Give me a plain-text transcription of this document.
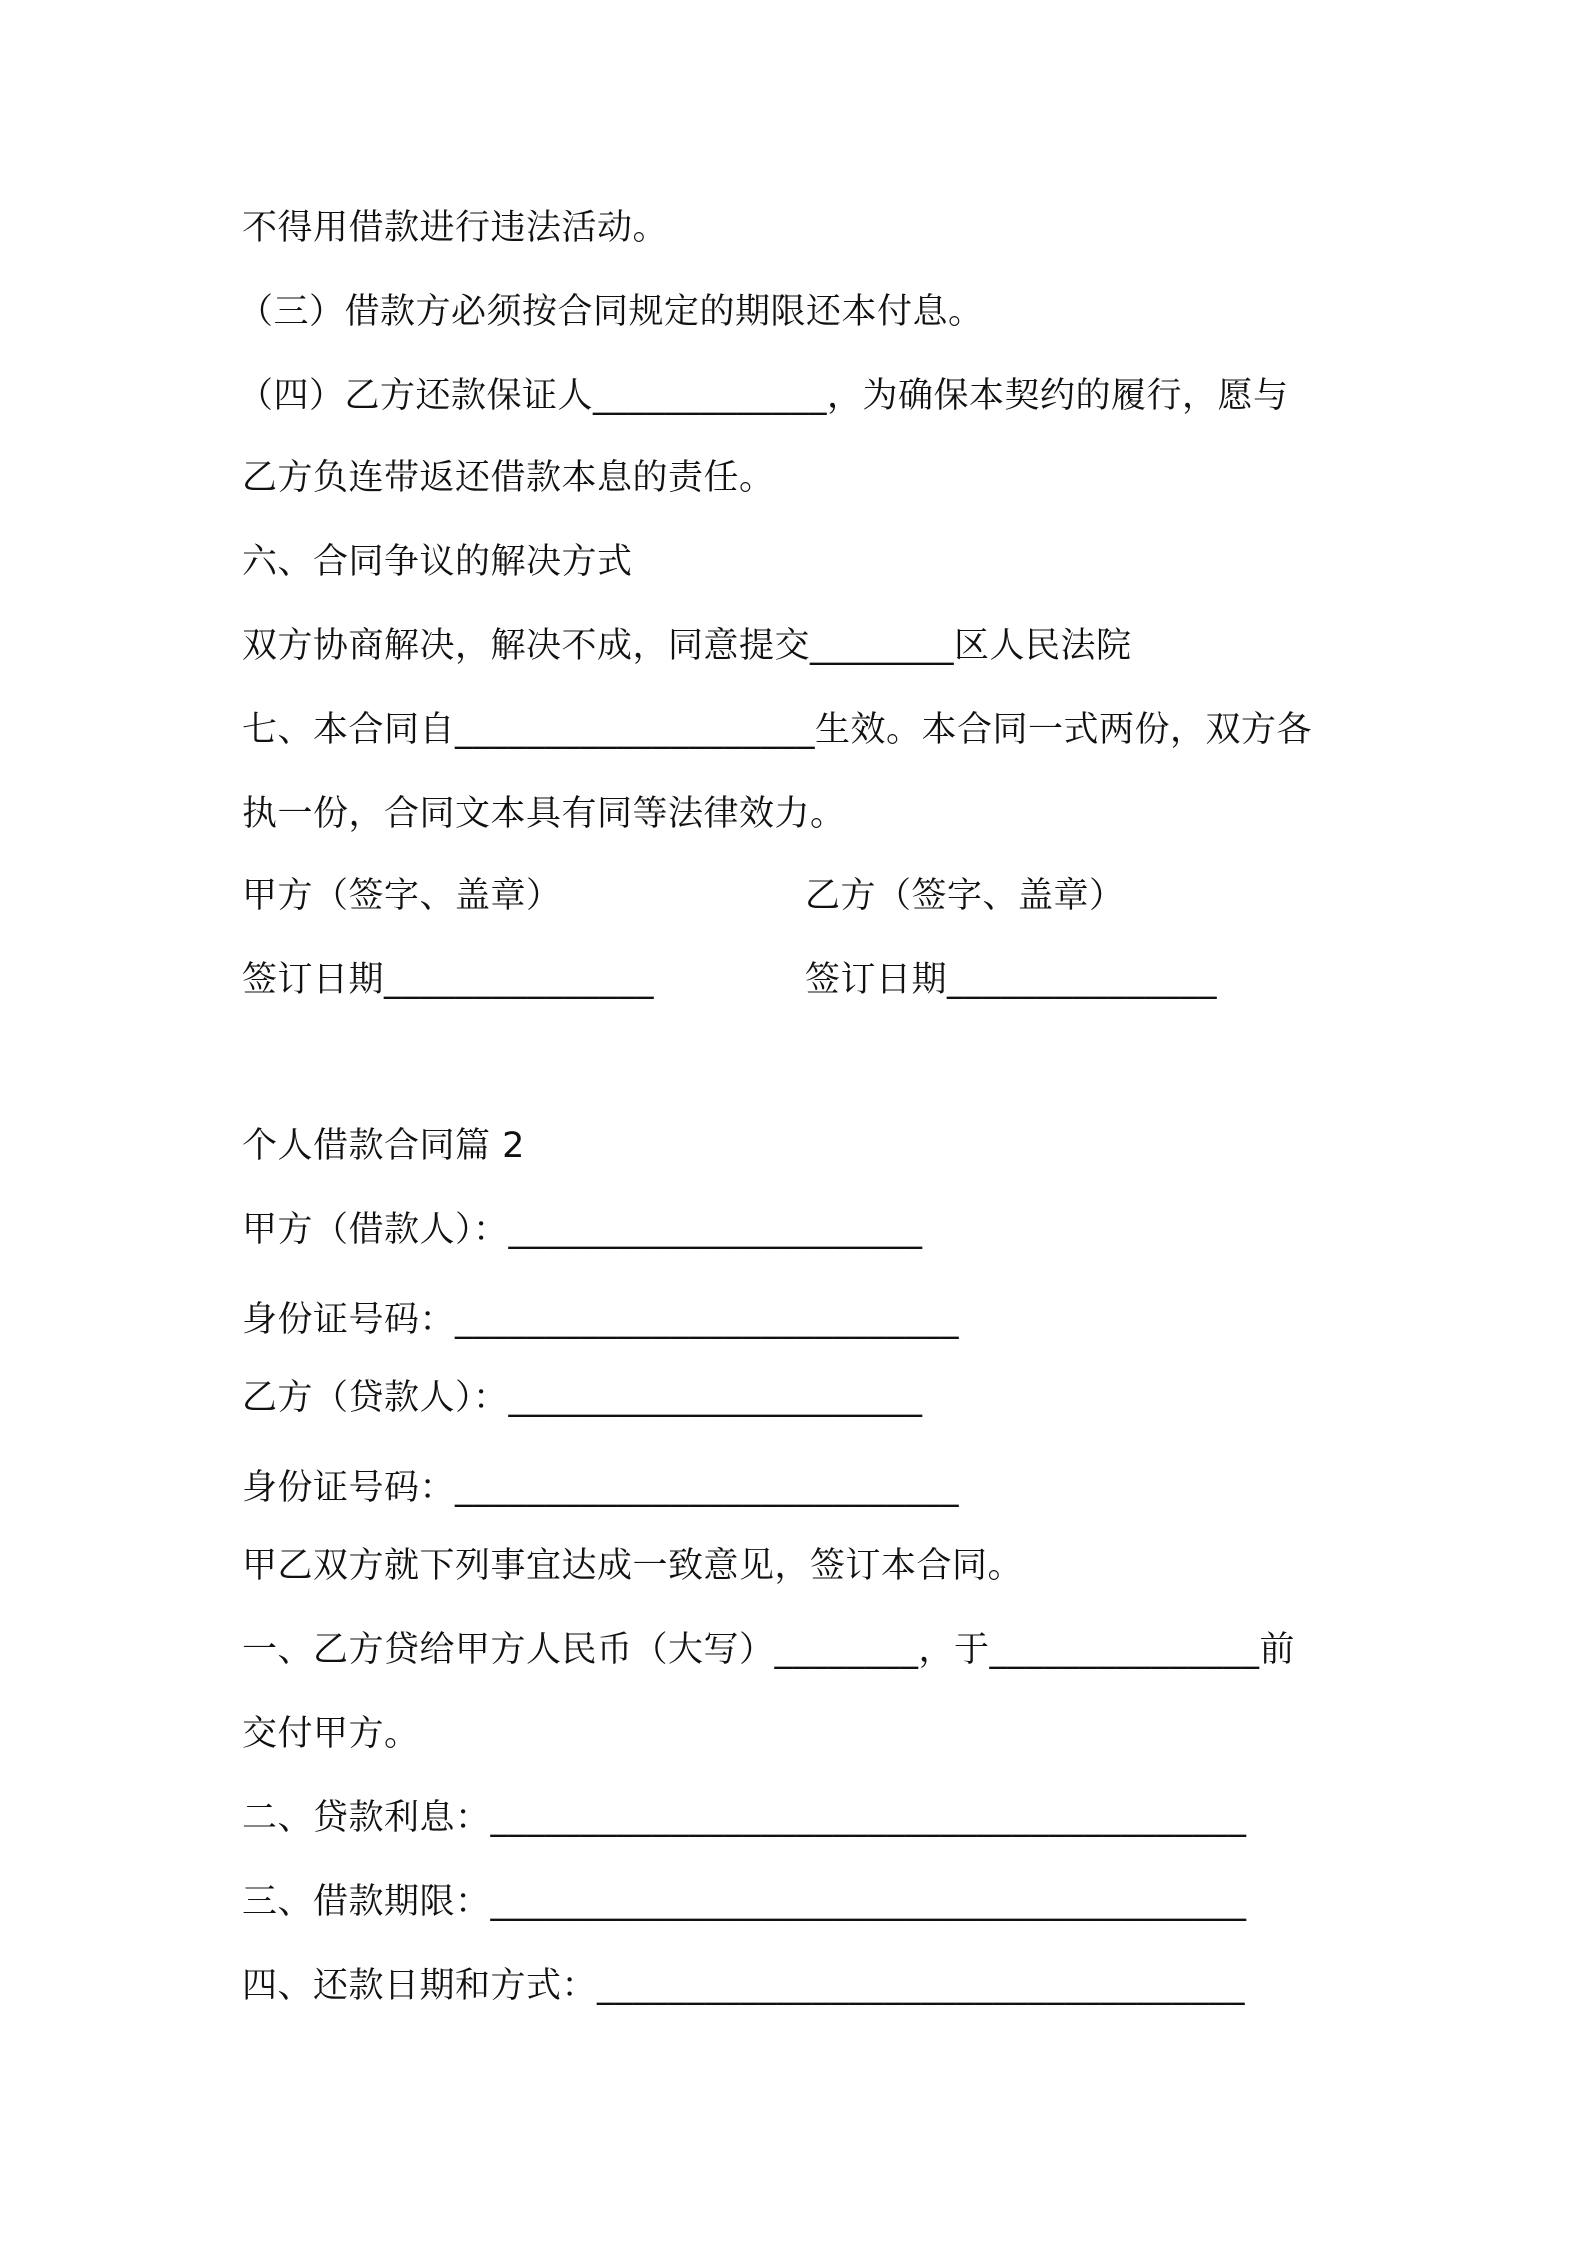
不得用借款进行违法活动。
（三）借款方必须按合同规定的期限还本付息。
（四）乙方还款保证人_____________，为确保本契约的履行，愿与
乙方负连带返还借款本息的责任。
六、合同争议的解决方式
双方协商解决，解决不成，同意提交________区人民法院
七、本合同自____________________生效。本合同一式两份，双方各
执一份，合同文本具有同等法律效力。
甲方（签字、盖章）	乙方（签字、盖章）
签订日期_______________	签订日期_______________
个人借款合同篇 2
甲方（借款人）：_______________________
身份证号码：____________________________
乙方（贷款人）：_______________________
身份证号码：____________________________
甲乙双方就下列事宜达成一致意见，签订本合同。
一、乙方贷给甲方人民币（大写）________，于_______________前
交付甲方。
二、贷款利息：__________________________________________
三、借款期限：__________________________________________
四、还款日期和方式：____________________________________
